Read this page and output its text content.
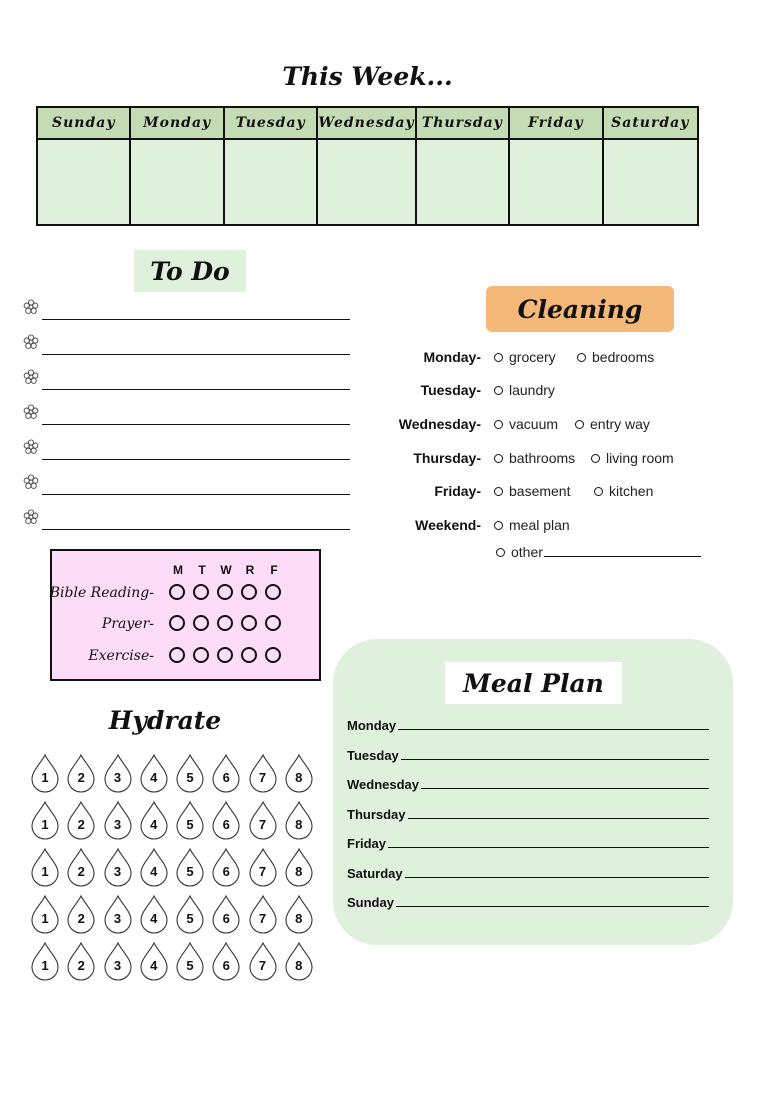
This Week...
Sunday	Monday	Tuesday Wednesday Thursday	Friday	Saturday
To Do
M	T	W	R	F
Bible Reading-
Prayer-
Exercise-
Hydrate
1	2	3	4	5	6	7	8
1	2	3	4	5	6	7	8
1	2	3	4	5	6	7	8
1	2	3	4	5	6	7	8
1	2	3	4	5	6	7	8
Cleaning
Monday-	grocery	bedrooms
Tuesday-	laundry
Wednesday-	vacuum	entry way
Thursday-	bathrooms	living room
Friday-	basement	kitchen
Weekend-	meal plan
other
Meal Plan
Monday
Tuesday
Wednesday
Thursday
Friday
Saturday
Sunday
